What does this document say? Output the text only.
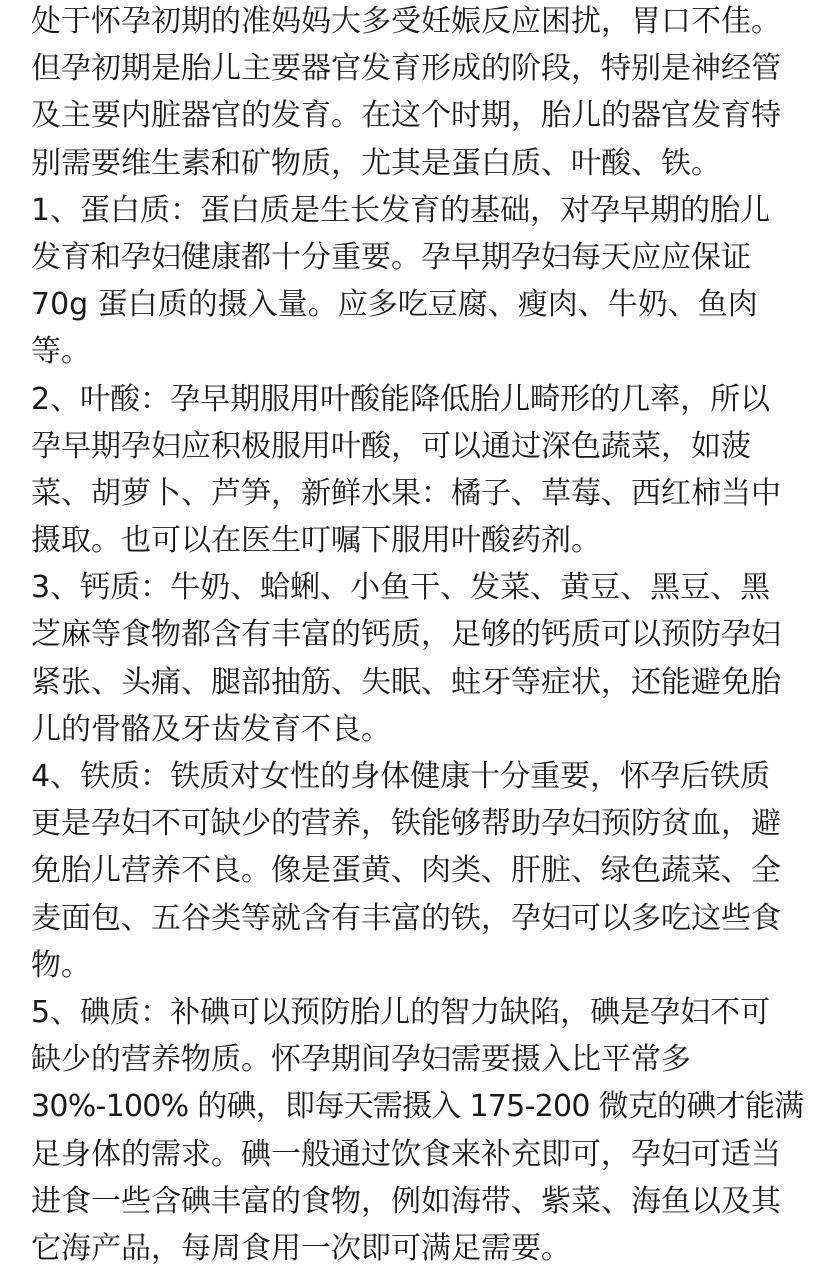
处于怀孕初期的准妈妈大多受妊娠反应困扰，胃口不佳。
但孕初期是胎儿主要器官发育形成的阶段，特别是神经管
及主要内脏器官的发育。在这个时期，胎儿的器官发育特
别需要维生素和矿物质，尤其是蛋白质、叶酸、铁。
1、蛋白质：蛋白质是生长发育的基础，对孕早期的胎儿
发育和孕妇健康都十分重要。孕早期孕妇每天应应保证
70g 蛋白质的摄入量。应多吃豆腐、瘦肉、牛奶、鱼肉
等。
2、叶酸：孕早期服用叶酸能降低胎儿畸形的几率，所以
孕早期孕妇应积极服用叶酸，可以通过深色蔬菜，如菠
菜、胡萝卜、芦笋，新鲜水果：橘子、草莓、西红柿当中
摄取。也可以在医生叮嘱下服用叶酸药剂。
3、钙质：牛奶、蛤蜊、小鱼干、发菜、黄豆、黑豆、黑
芝麻等食物都含有丰富的钙质，足够的钙质可以预防孕妇
紧张、头痛、腿部抽筋、失眠、蛀牙等症状，还能避免胎
儿的骨骼及牙齿发育不良。
4、铁质：铁质对女性的身体健康十分重要，怀孕后铁质
更是孕妇不可缺少的营养，铁能够帮助孕妇预防贫血，避
免胎儿营养不良。像是蛋黄、肉类、肝脏、绿色蔬菜、全
麦面包、五谷类等就含有丰富的铁，孕妇可以多吃这些食
物。
5、碘质：补碘可以预防胎儿的智力缺陷，碘是孕妇不可
缺少的营养物质。怀孕期间孕妇需要摄入比平常多
30%-100% 的碘，即每天需摄入 175-200 微克的碘才能满
足身体的需求。碘一般通过饮食来补充即可，孕妇可适当
进食一些含碘丰富的食物，例如海带、紫菜、海鱼以及其
它海产品，每周食用一次即可满足需要。
